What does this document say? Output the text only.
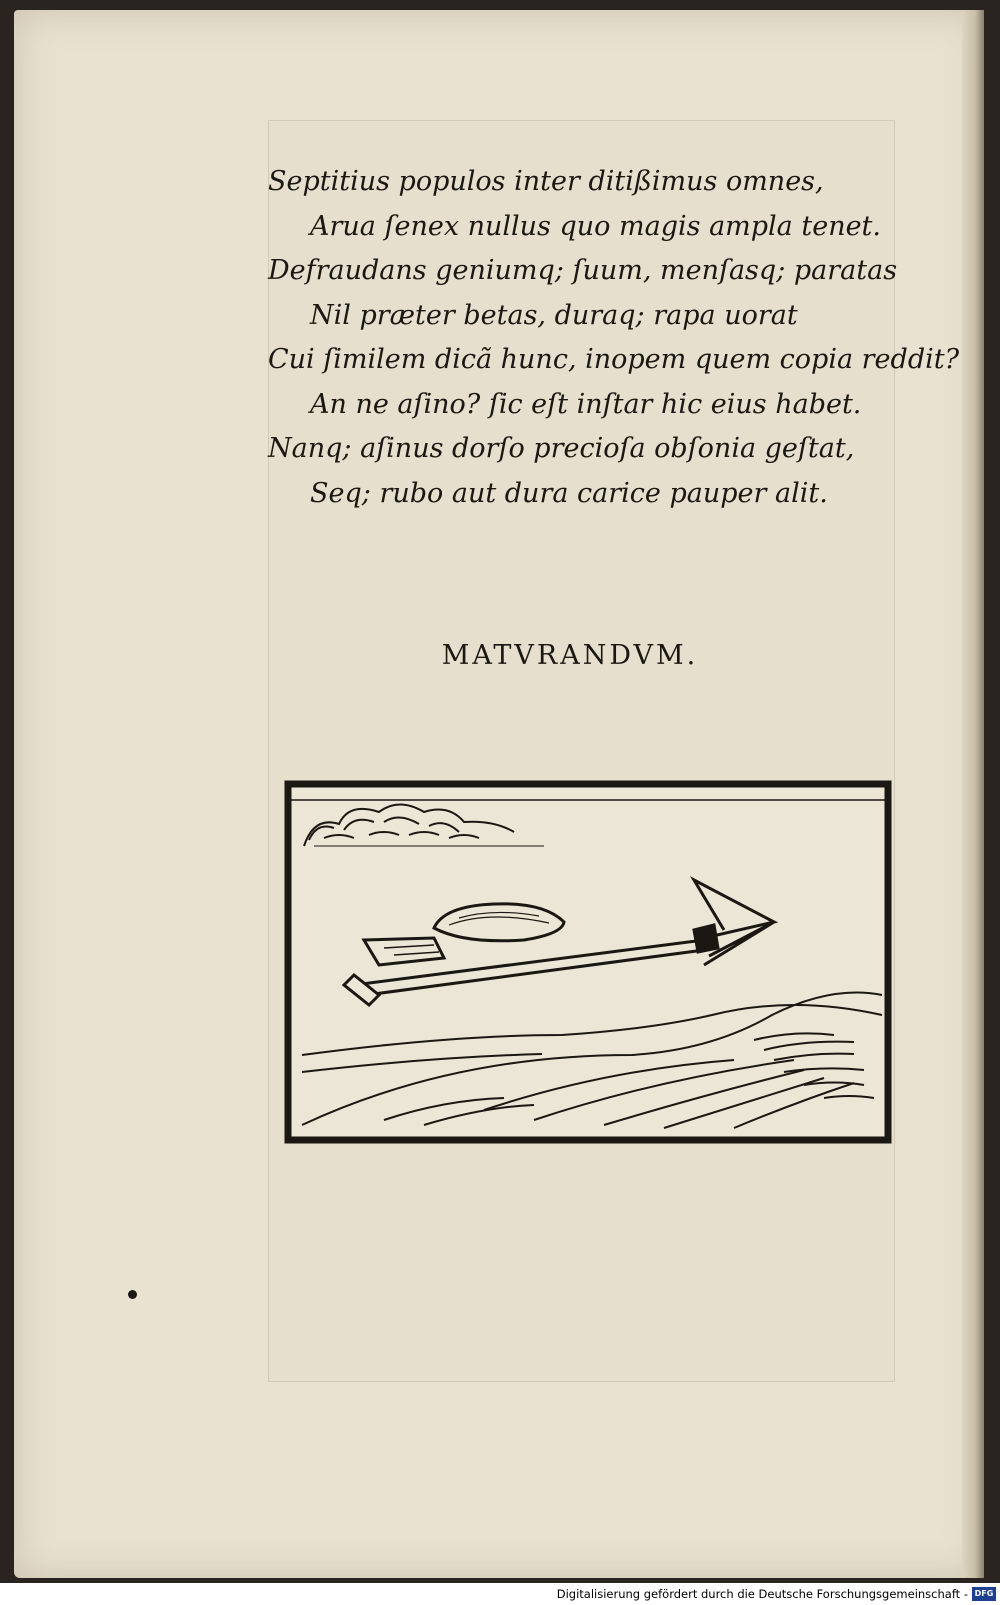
Septitius populos inter ditißimus omnes,
Arua ſenex nullus quo magis ampla tenet.
Defraudans geniumq; ſuum, menſasq; paratas
Nil præter betas, duraq; rapa uorat
Cui ſimilem dicã hunc, inopem quem copia reddit?
An ne aſino? ſic eſt inſtar hic eius habet.
Nanq; aſinus dorſo precioſa obſonia geſtat,
Seq; rubo aut dura carice pauper alit.
MATVRANDVM.
Digitalisierung gefördert durch die Deutsche Forschungsgemeinschaft - DFG
